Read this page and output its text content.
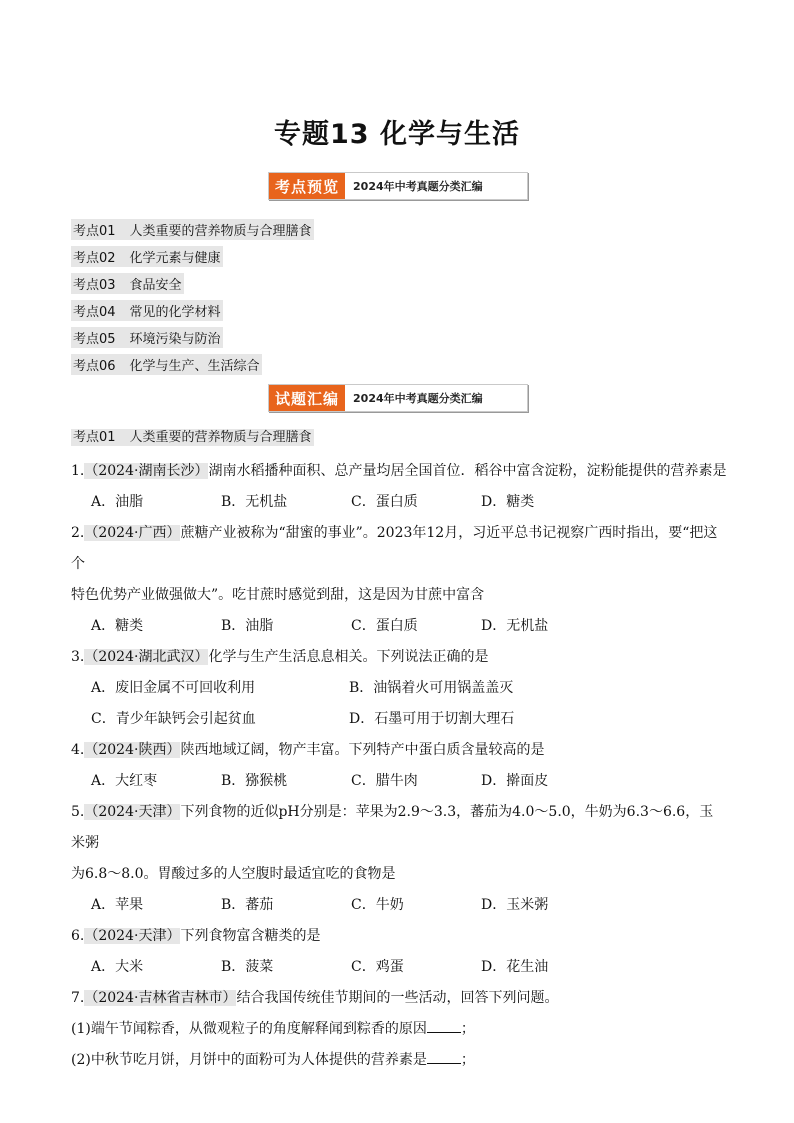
专题13 化学与生活
考点预览	2024年中考真题分类汇编
考点01 人类重要的营养物质与合理膳食
考点02 化学元素与健康
考点03 食品安全
考点04 常见的化学材料
考点05 环境污染与防治
考点06 化学与生产、生活综合
试题汇编	2024年中考真题分类汇编
考点01 人类重要的营养物质与合理膳食
1.（2024·湖南长沙）湖南水稻播种面积、总产量均居全国首位．稻谷中富含淀粉，淀粉能提供的营养素是
A．油脂	B．无机盐	C．蛋白质	D．糖类
2.（2024·广西）蔗糖产业被称为“甜蜜的事业”。2023年12月，习近平总书记视察广西时指出，要“把这个
特色优势产业做强做大”。吃甘蔗时感觉到甜，这是因为甘蔗中富含
A．糖类	B．油脂	C．蛋白质	D．无机盐
3.（2024·湖北武汉）化学与生产生活息息相关。下列说法正确的是
A．废旧金属不可回收利用	B．油锅着火可用锅盖盖灭
C．青少年缺钙会引起贫血	D．石墨可用于切割大理石
4.（2024·陕西）陕西地域辽阔，物产丰富。下列特产中蛋白质含量较高的是
A．大红枣	B．猕猴桃	C．腊牛肉	D．擀面皮
5.（2024·天津）下列食物的近似pH分别是：苹果为2.9～3.3，蕃茄为4.0～5.0，牛奶为6.3～6.6，玉米粥
为6.8～8.0。胃酸过多的人空腹时最适宜吃的食物是
A．苹果	B．蕃茄	C．牛奶	D．玉米粥
6.（2024·天津）下列食物富含糖类的是
A．大米	B．菠菜	C．鸡蛋	D．花生油
7.（2024·吉林省吉林市）结合我国传统佳节期间的一些活动，回答下列问题。
(1)端午节闻粽香，从微观粒子的角度解释闻到粽香的原因 ；
(2)中秋节吃月饼，月饼中的面粉可为人体提供的营养素是 ；
